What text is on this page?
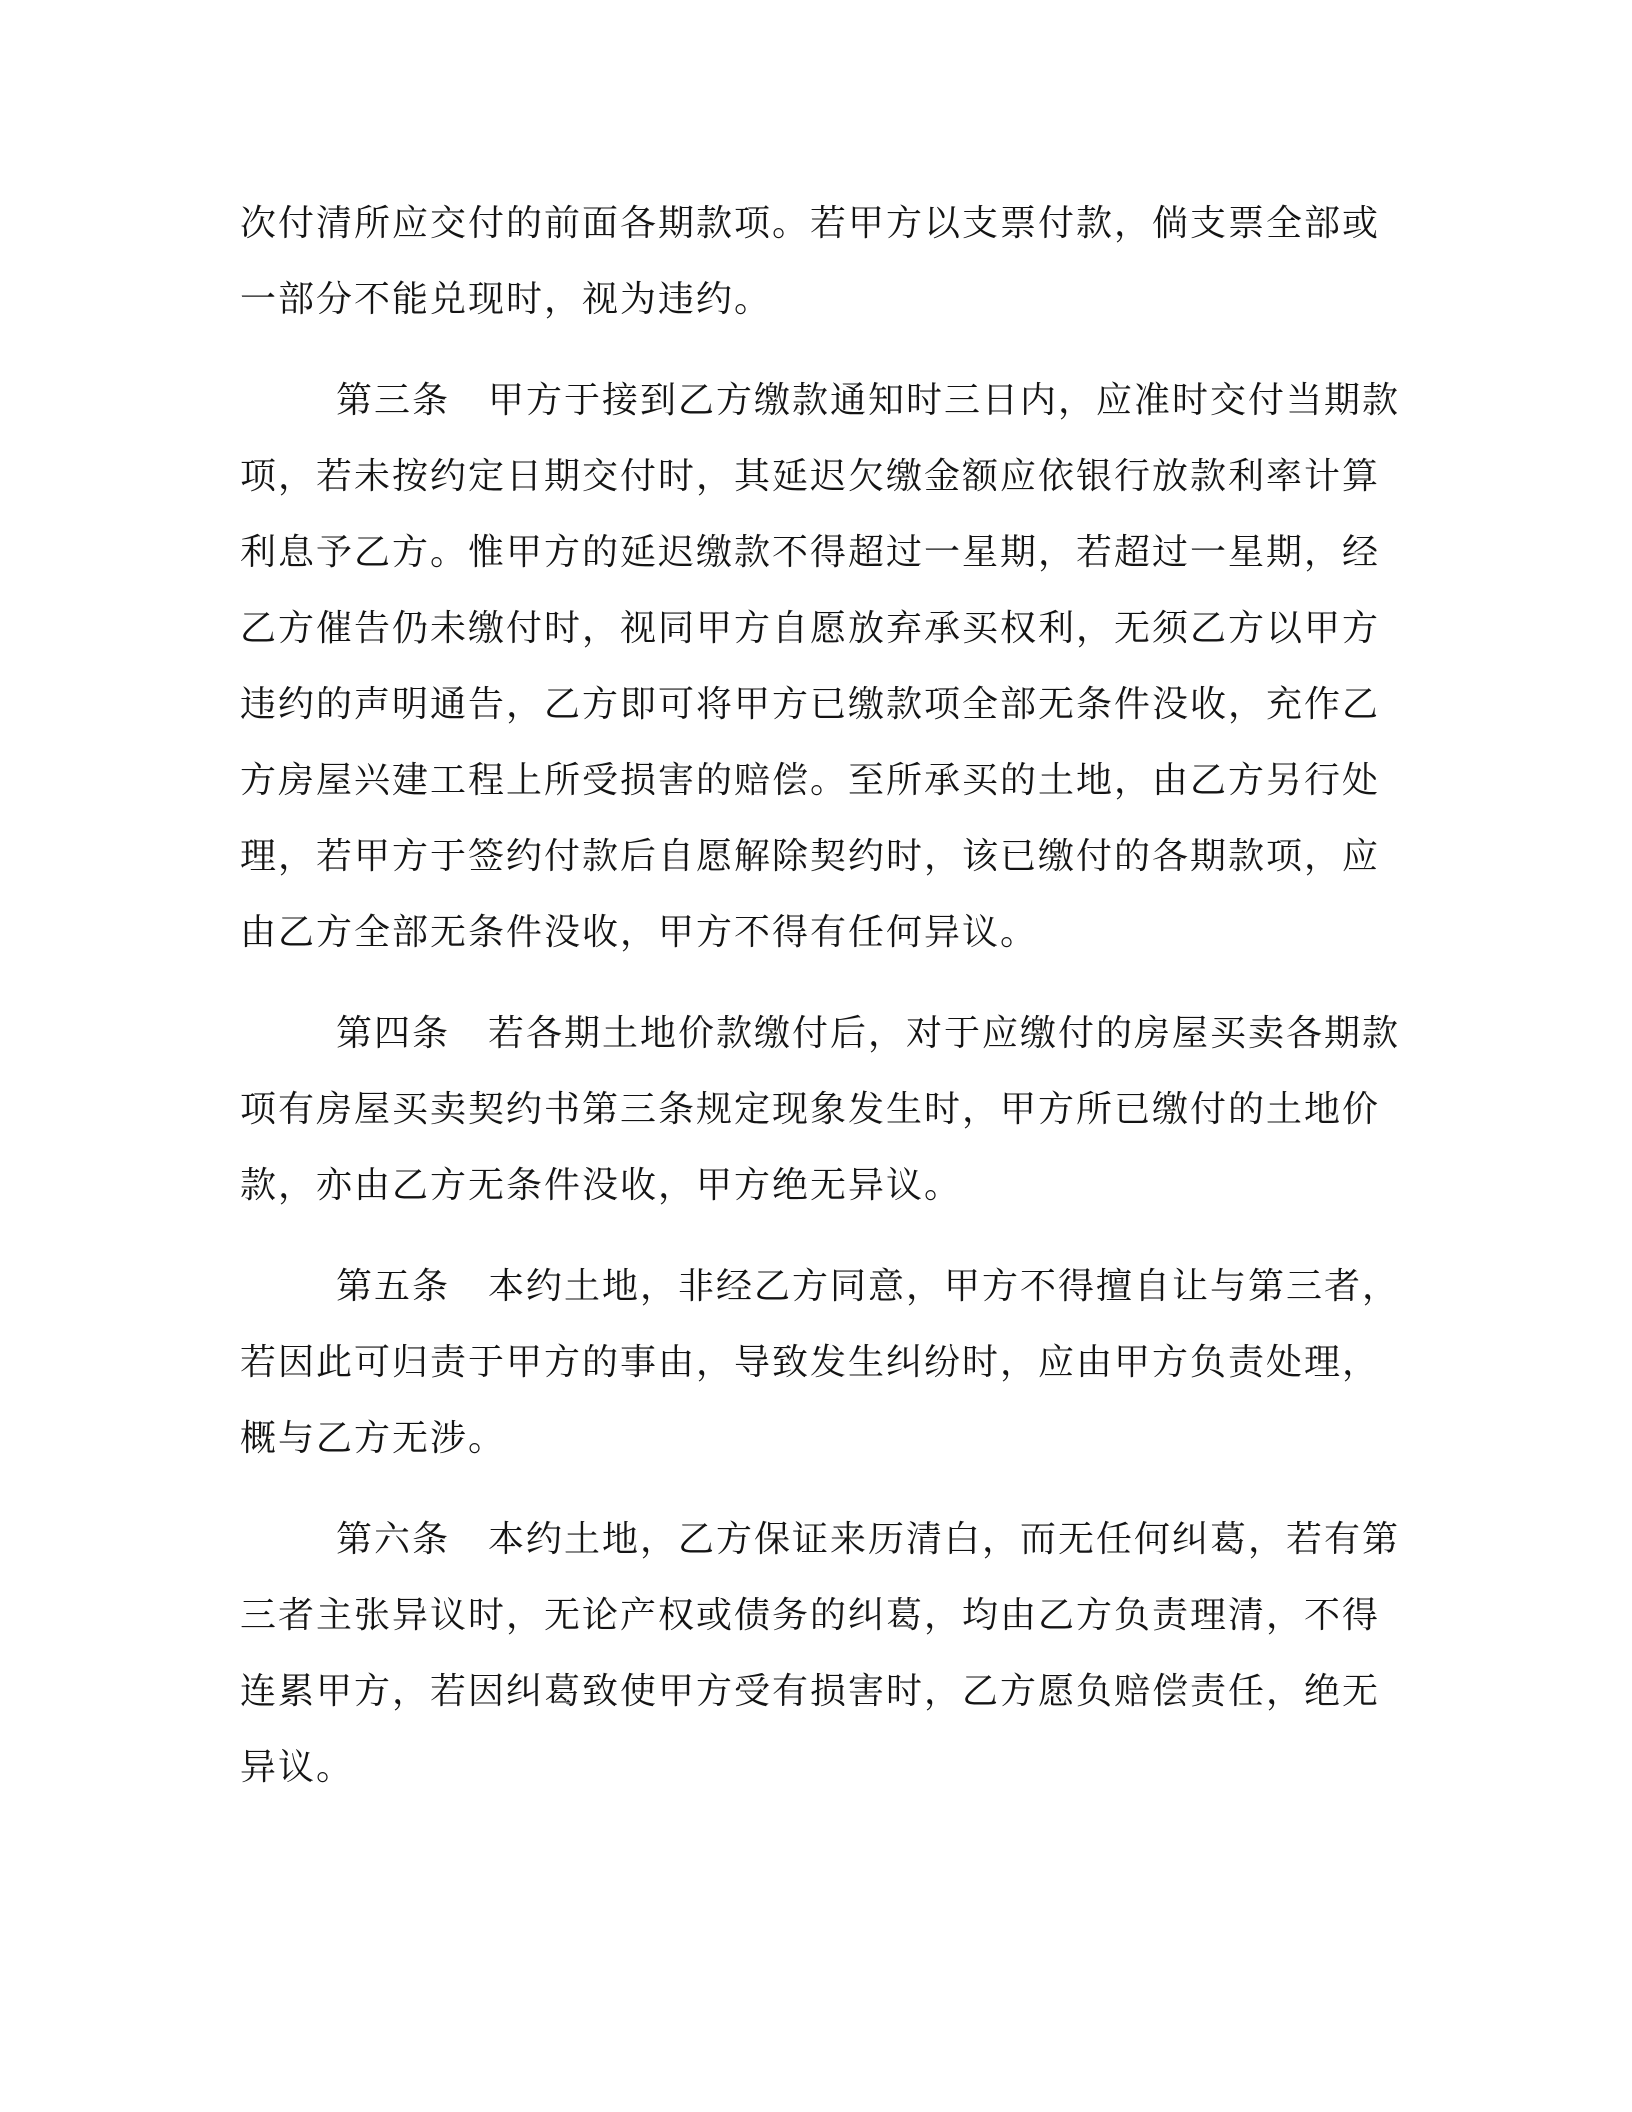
次付清所应交付的前面各期款项。若甲方以支票付款，倘支票全部或
一部分不能兑现时，视为违约。
第三条 甲方于接到乙方缴款通知时三日内，应准时交付当期款
项，若未按约定日期交付时，其延迟欠缴金额应依银行放款利率计算
利息予乙方。惟甲方的延迟缴款不得超过一星期，若超过一星期，经
乙方催告仍未缴付时，视同甲方自愿放弃承买权利，无须乙方以甲方
违约的声明通告，乙方即可将甲方已缴款项全部无条件没收，充作乙
方房屋兴建工程上所受损害的赔偿。至所承买的土地，由乙方另行处
理，若甲方于签约付款后自愿解除契约时，该已缴付的各期款项，应
由乙方全部无条件没收，甲方不得有任何异议。
第四条 若各期土地价款缴付后，对于应缴付的房屋买卖各期款
项有房屋买卖契约书第三条规定现象发生时，甲方所已缴付的土地价
款，亦由乙方无条件没收，甲方绝无异议。
第五条 本约土地，非经乙方同意，甲方不得擅自让与第三者，
若因此可归责于甲方的事由，导致发生纠纷时，应由甲方负责处理，
概与乙方无涉。
第六条 本约土地，乙方保证来历清白，而无任何纠葛，若有第
三者主张异议时，无论产权或债务的纠葛，均由乙方负责理清，不得
连累甲方，若因纠葛致使甲方受有损害时，乙方愿负赔偿责任，绝无
异议。
